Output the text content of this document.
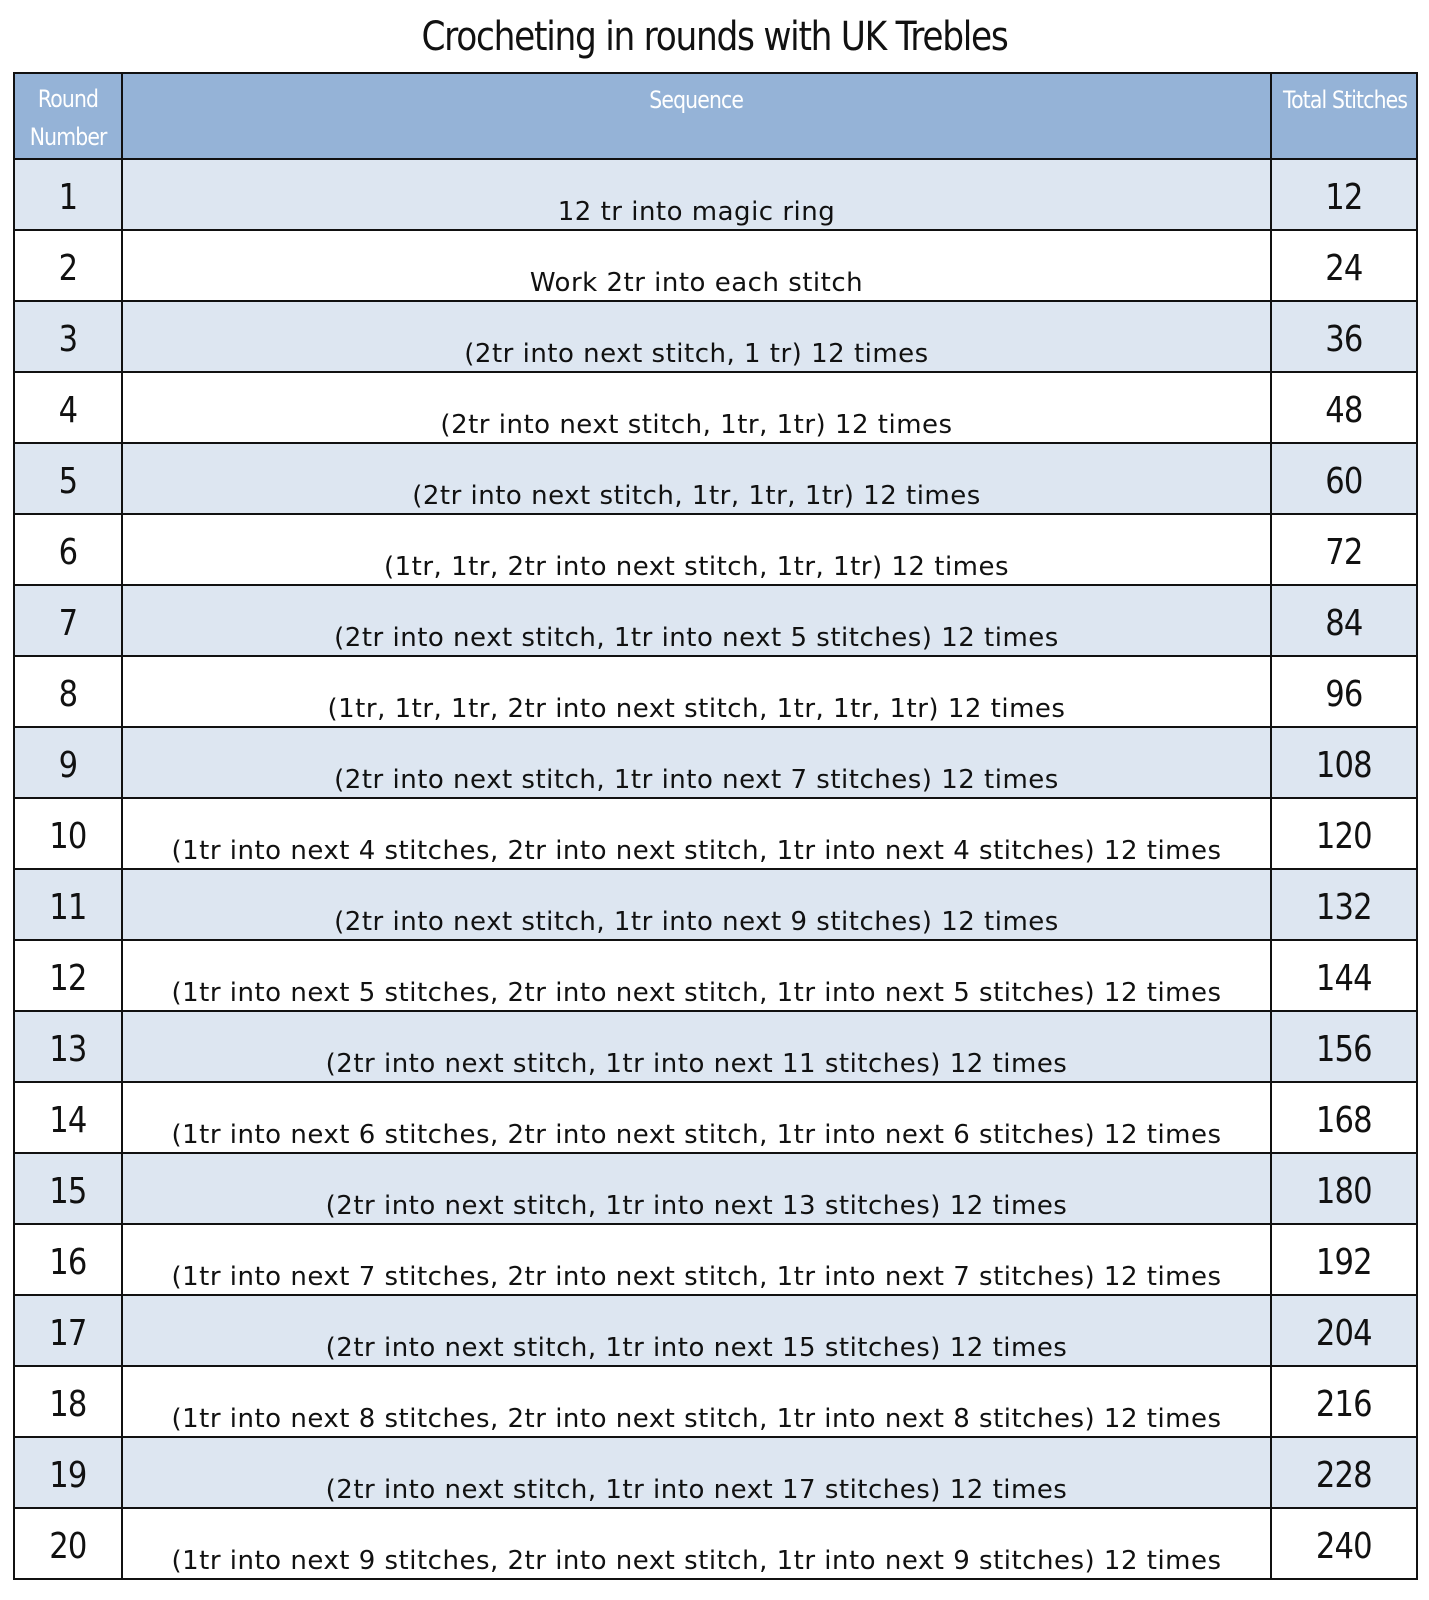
Crocheting in rounds with UK Trebles
Round Number	Sequence	Total Stitches
1	12 tr into magic ring	12
2	Work 2tr into each stitch	24
3	(2tr into next stitch, 1 tr) 12 times	36
4	(2tr into next stitch, 1tr, 1tr) 12 times	48
5	(2tr into next stitch, 1tr, 1tr, 1tr) 12 times	60
6	(1tr, 1tr, 2tr into next stitch, 1tr, 1tr) 12 times	72
7	(2tr into next stitch, 1tr into next 5 stitches) 12 times	84
8	(1tr, 1tr, 1tr, 2tr into next stitch, 1tr, 1tr, 1tr) 12 times	96
9	(2tr into next stitch, 1tr into next 7 stitches) 12 times	108
10	(1tr into next 4 stitches, 2tr into next stitch, 1tr into next 4 stitches) 12 times	120
11	(2tr into next stitch, 1tr into next 9 stitches) 12 times	132
12	(1tr into next 5 stitches, 2tr into next stitch, 1tr into next 5 stitches) 12 times	144
13	(2tr into next stitch, 1tr into next 11 stitches) 12 times	156
14	(1tr into next 6 stitches, 2tr into next stitch, 1tr into next 6 stitches) 12 times	168
15	(2tr into next stitch, 1tr into next 13 stitches) 12 times	180
16	(1tr into next 7 stitches, 2tr into next stitch, 1tr into next 7 stitches) 12 times	192
17	(2tr into next stitch, 1tr into next 15 stitches) 12 times	204
18	(1tr into next 8 stitches, 2tr into next stitch, 1tr into next 8 stitches) 12 times	216
19	(2tr into next stitch, 1tr into next 17 stitches) 12 times	228
20	(1tr into next 9 stitches, 2tr into next stitch, 1tr into next 9 stitches) 12 times	240
